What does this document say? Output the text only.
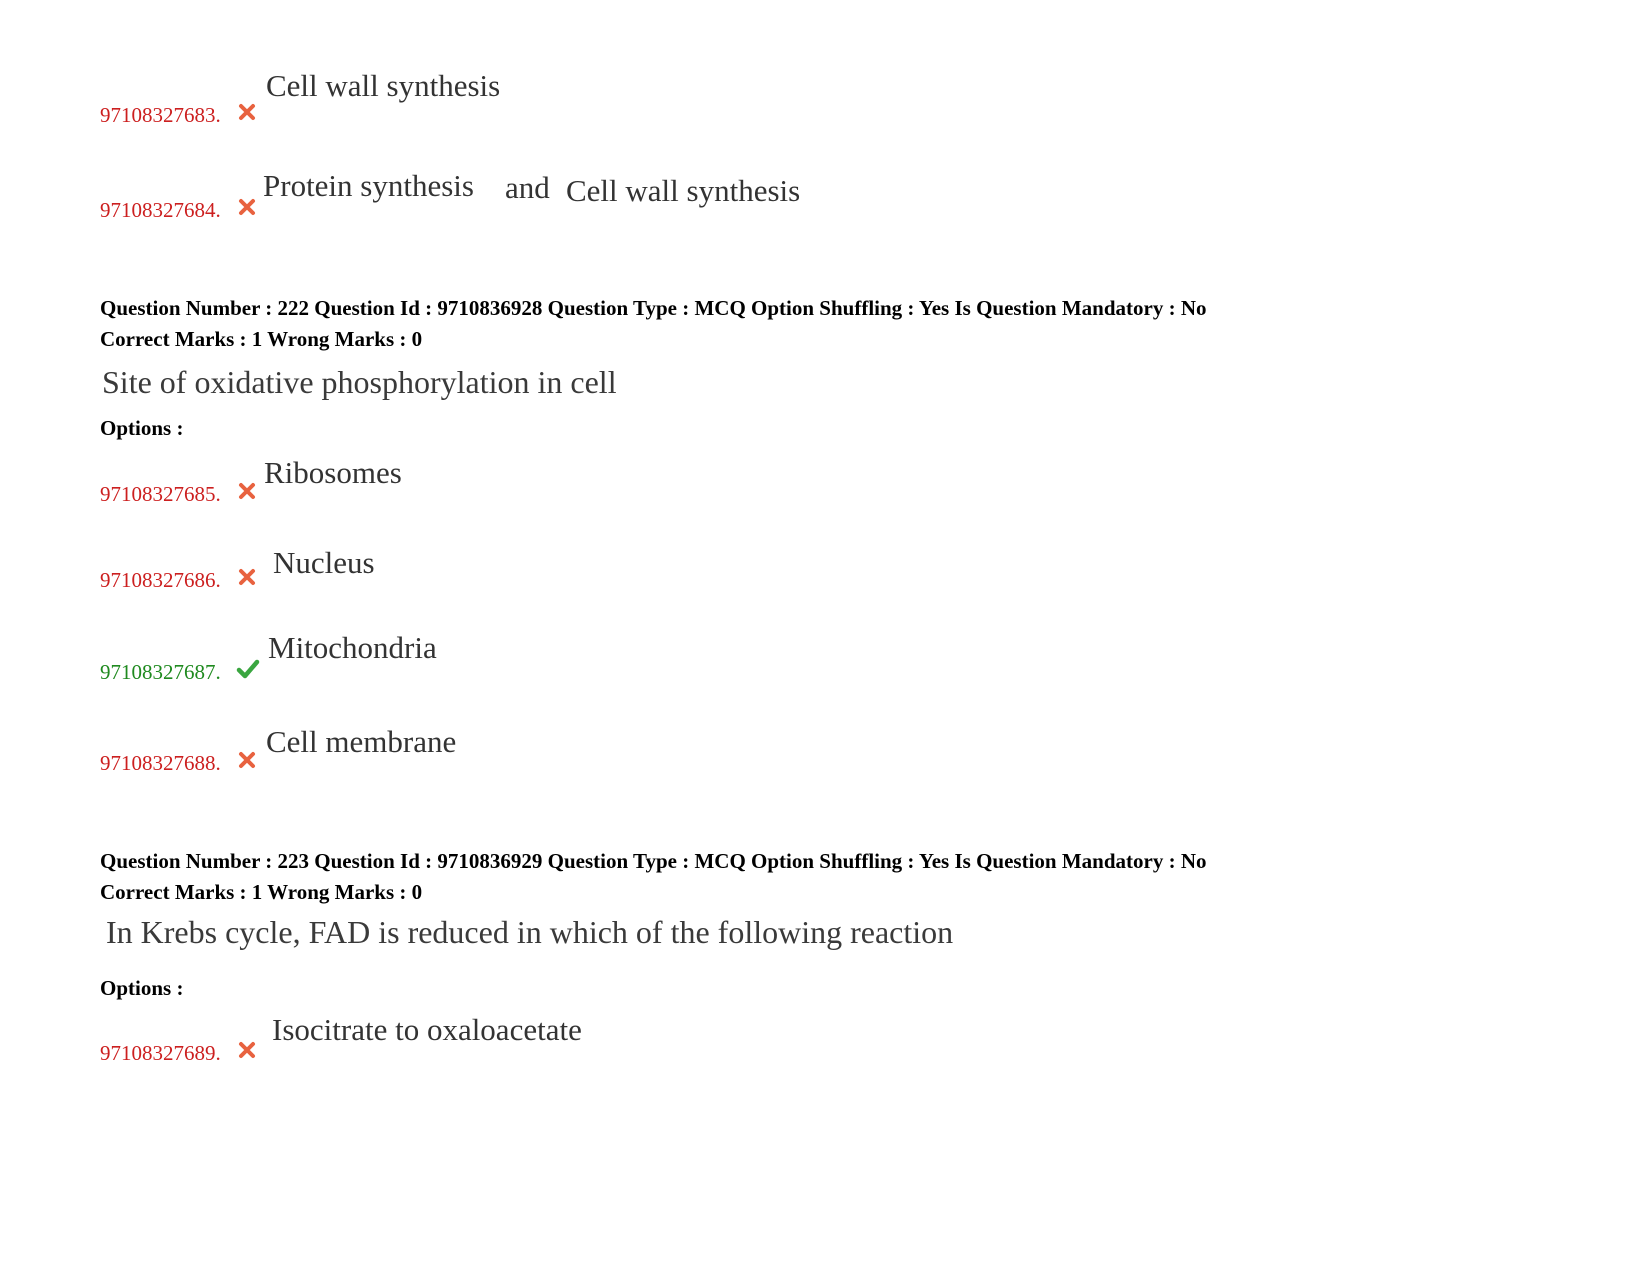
97108327683.
Cell wall synthesis
97108327684.
Protein synthesis and Cell wall synthesis
Question Number : 222 Question Id : 9710836928 Question Type : MCQ Option Shuffling : Yes Is Question Mandatory : No
Correct Marks : 1 Wrong Marks : 0
Site of oxidative phosphorylation in cell
Options :
97108327685.
Ribosomes
97108327686. Nucleus
97108327687.
Mitochondria
97108327688.
Cell membrane
Question Number : 223 Question Id : 9710836929 Question Type : MCQ Option Shuffling : Yes Is Question Mandatory : No
Correct Marks : 1 Wrong Marks : 0
In Krebs cycle, FAD is reduced in which of the following reaction
Options :
97108327689.
Isocitrate to oxaloacetate
